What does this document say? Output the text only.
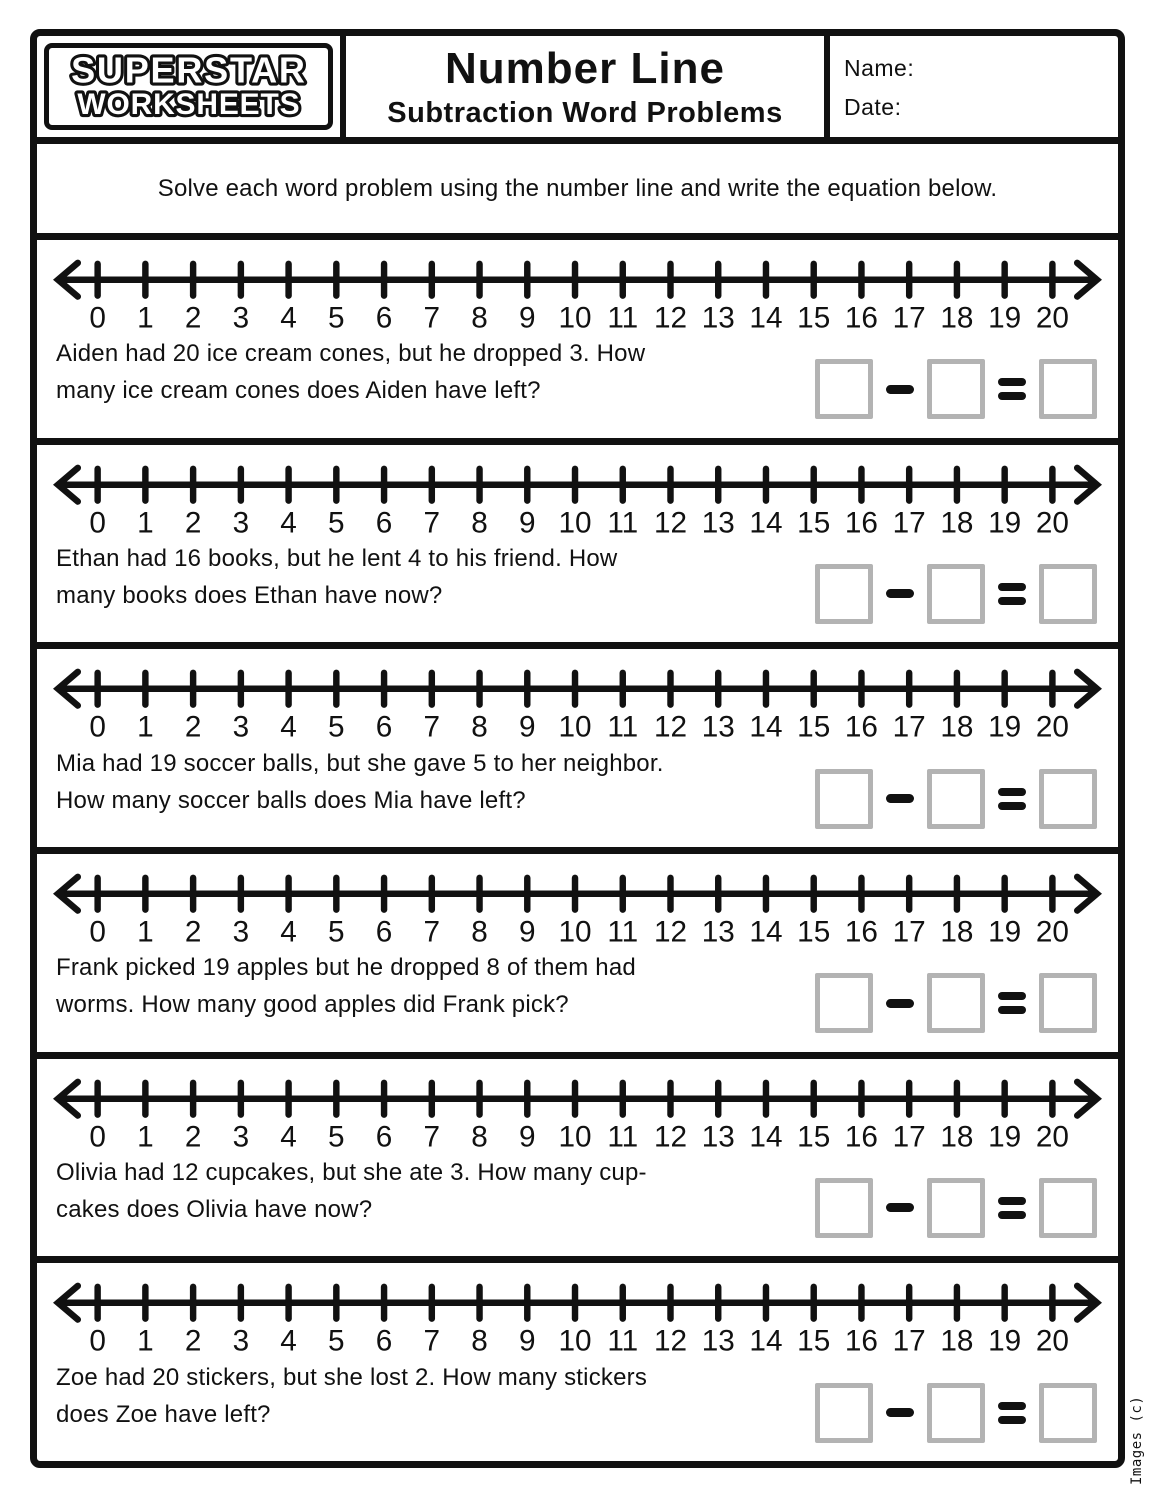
SUPERSTAR
WORKSHEETS
Number Line
Subtraction Word Problems
Name:
Date:
Solve each word problem using the number line and write the equation below.
0 1 2 3 4 5 6 7 8 9 10 11 12 13 14 15 16 17 18 19 20
Aiden had 20 ice cream cones, but he dropped 3. How
many ice cream cones does Aiden have left?
0 1 2 3 4 5 6 7 8 9 10 11 12 13 14 15 16 17 18 19 20
Ethan had 16 books, but he lent 4 to his friend. How
many books does Ethan have now?
0 1 2 3 4 5 6 7 8 9 10 11 12 13 14 15 16 17 18 19 20
Mia had 19 soccer balls, but she gave 5 to her neighbor.
How many soccer balls does Mia have left?
0 1 2 3 4 5 6 7 8 9 10 11 12 13 14 15 16 17 18 19 20
Frank picked 19 apples but he dropped 8 of them had
worms. How many good apples did Frank pick?
0 1 2 3 4 5 6 7 8 9 10 11 12 13 14 15 16 17 18 19 20
Olivia had 12 cupcakes, but she ate 3. How many cup-
cakes does Olivia have now?
0 1 2 3 4 5 6 7 8 9 10 11 12 13 14 15 16 17 18 19 20
Zoe had 20 stickers, but she lost 2. How many stickers
does Zoe have left?	Images (c)
